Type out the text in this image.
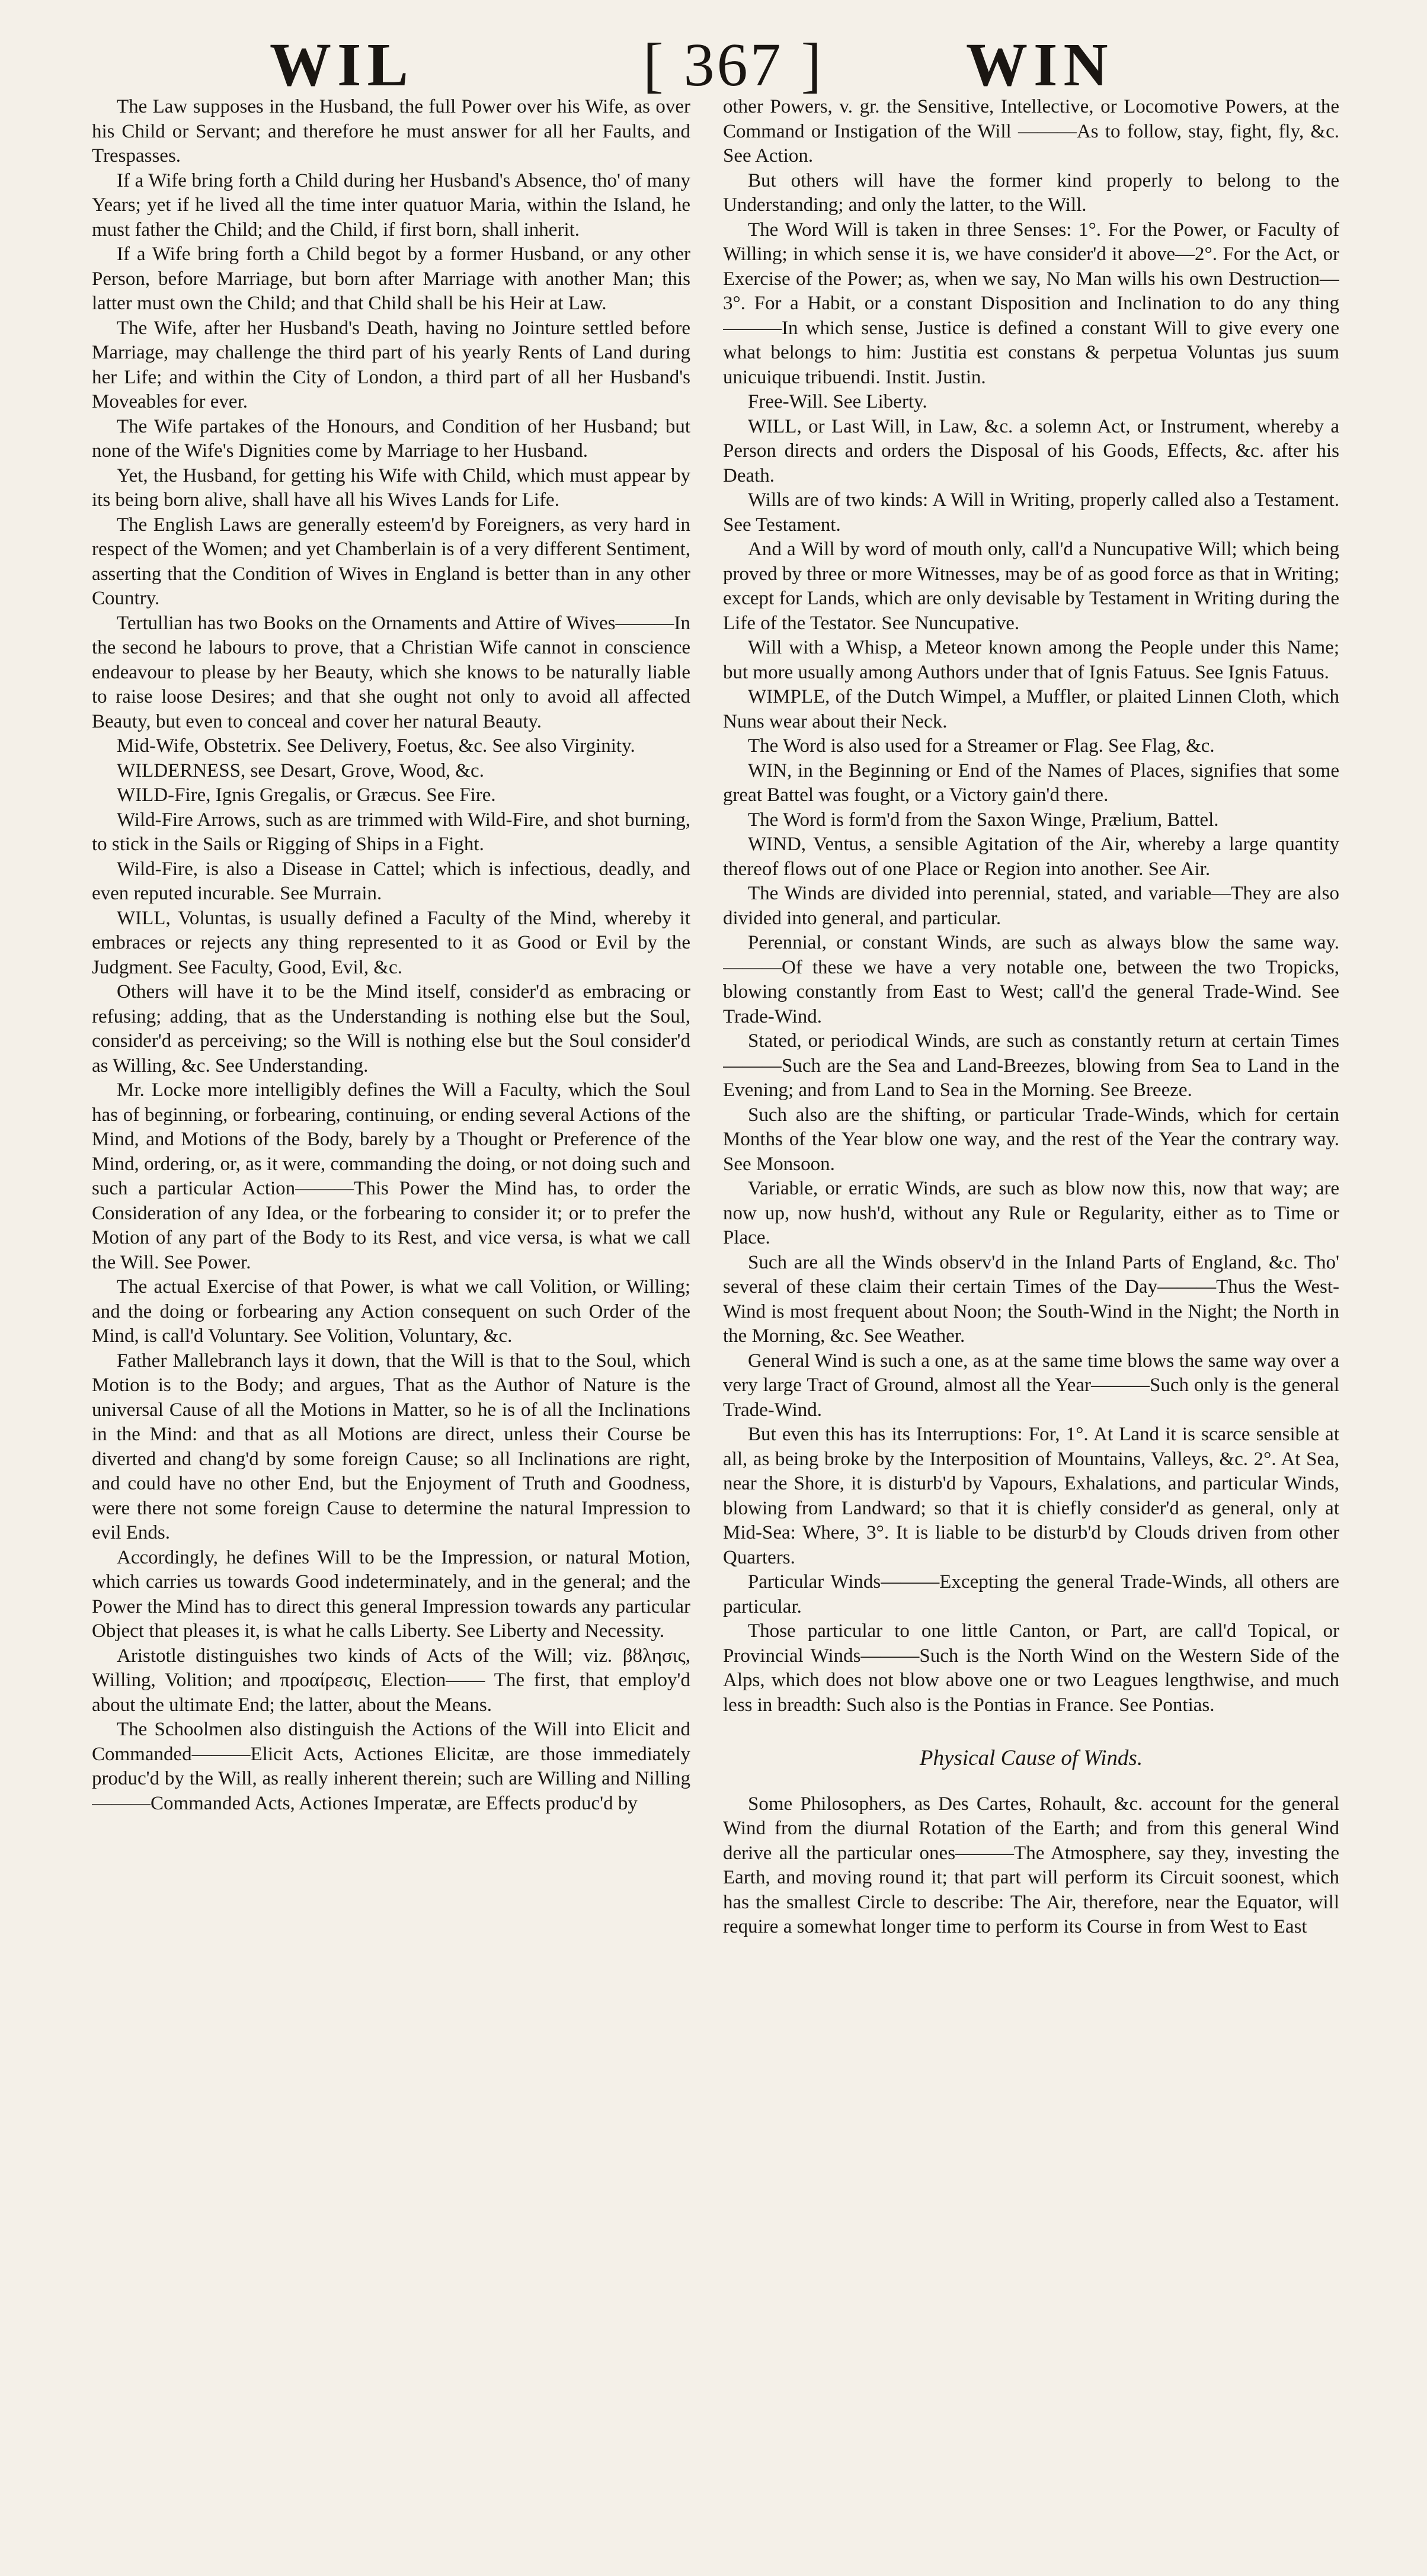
WIL	[ 367 ] WIN

The Law supposes in the Husband, the full Power over his Wife, as over his Child or Servant; and therefore he must answer for all her Faults, and Trespasses.

If a Wife bring forth a Child during her Husband's Absence, tho' of many Years; yet if he lived all the time inter quatuor Maria, within the Island, he must father the Child; and the Child, if first born, shall inherit.

If a Wife bring forth a Child begot by a former Husband, or any other Person, before Marriage, but born after Marriage with another Man; this latter must own the Child; and that Child shall be his Heir at Law.

The Wife, after her Husband's Death, having no Jointure settled before Marriage, may challenge the third part of his yearly Rents of Land during her Life; and within the City of London, a third part of all her Husband's Moveables for ever.

The Wife partakes of the Honours, and Condition of her Husband; but none of the Wife's Dignities come by Marriage to her Husband.

Yet, the Husband, for getting his Wife with Child, which must appear by its being born alive, shall have all his Wives Lands for Life.

The English Laws are generally esteem'd by Foreigners, as very hard in respect of the Women; and yet Chamberlain is of a very different Sentiment, asserting that the Condition of Wives in England is better than in any other Country.

Tertullian has two Books on the Ornaments and Attire of Wives———In the second he labours to prove, that a Christian Wife cannot in conscience endeavour to please by her Beauty, which she knows to be naturally liable to raise loose Desires; and that she ought not only to avoid all affected Beauty, but even to conceal and cover her natural Beauty.

Mid-Wife, Obstetrix. See Delivery, Foetus, &c. See also Virginity.

WILDERNESS, see Desart, Grove, Wood, &c.

WILD-Fire, Ignis Gregalis, or Græcus. See Fire.

Wild-Fire Arrows, such as are trimmed with Wild-Fire, and shot burning, to stick in the Sails or Rigging of Ships in a Fight.

Wild-Fire, is also a Disease in Cattel; which is infectious, deadly, and even reputed incurable. See Murrain.

WILL, Voluntas, is usually defined a Faculty of the Mind, whereby it embraces or rejects any thing represented to it as Good or Evil by the Judgment. See Faculty, Good, Evil, &c.

Others will have it to be the Mind itself, consider'd as embracing or refusing; adding, that as the Understanding is nothing else but the Soul, consider'd as perceiving; so the Will is nothing else but the Soul consider'd as Willing, &c. See Understanding.

Mr. Locke more intelligibly defines the Will a Faculty, which the Soul has of beginning, or forbearing, continuing, or ending several Actions of the Mind, and Motions of the Body, barely by a Thought or Preference of the Mind, ordering, or, as it were, commanding the doing, or not doing such and such a particular Action———This Power the Mind has, to order the Consideration of any Idea, or the forbearing to consider it; or to prefer the Motion of any part of the Body to its Rest, and vice versa, is what we call the Will. See Power.

The actual Exercise of that Power, is what we call Volition, or Willing; and the doing or forbearing any Action consequent on such Order of the Mind, is call'd Voluntary. See Volition, Voluntary, &c.

Father Mallebranch lays it down, that the Will is that to the Soul, which Motion is to the Body; and argues, That as the Author of Nature is the universal Cause of all the Motions in Matter, so he is of all the Inclinations in the Mind: and that as all Motions are direct, unless their Course be diverted and chang'd by some foreign Cause; so all Inclinations are right, and could have no other End, but the Enjoyment of Truth and Goodness, were there not some foreign Cause to determine the natural Impression to evil Ends.

Accordingly, he defines Will to be the Impression, or natural Motion, which carries us towards Good indeterminately, and in the general; and the Power the Mind has to direct this general Impression towards any particular Object that pleases it, is what he calls Liberty. See Liberty and Necessity.

Aristotle distinguishes two kinds of Acts of the Will; viz. βȣλησις, Willing, Volition; and προαίρεσις, Election—— The first, that employ'd about the ultimate End; the latter, about the Means.

The Schoolmen also distinguish the Actions of the Will into Elicit and Commanded———Elicit Acts, Actiones Elicitæ, are those immediately produc'd by the Will, as really inherent therein; such are Willing and Nilling———Commanded Acts, Actiones Imperatæ, are Effects produc'd by

other Powers, v. gr. the Sensitive, Intellective, or Locomotive Powers, at the Command or Instigation of the Will ———As to follow, stay, fight, fly, &c. See Action.

But others will have the former kind properly to belong to the Understanding; and only the latter, to the Will.

The Word Will is taken in three Senses: 1°. For the Power, or Faculty of Willing; in which sense it is, we have consider'd it above—2°. For the Act, or Exercise of the Power; as, when we say, No Man wills his own Destruction— 3°. For a Habit, or a constant Disposition and Inclination to do any thing———In which sense, Justice is defined a constant Will to give every one what belongs to him: Justitia est constans & perpetua Voluntas jus suum unicuique tribuendi. Instit. Justin.

Free-Will. See Liberty.

WILL, or Last Will, in Law, &c. a solemn Act, or Instrument, whereby a Person directs and orders the Disposal of his Goods, Effects, &c. after his Death.

Wills are of two kinds: A Will in Writing, properly called also a Testament. See Testament.

And a Will by word of mouth only, call'd a Nuncupative Will; which being proved by three or more Witnesses, may be of as good force as that in Writing; except for Lands, which are only devisable by Testament in Writing during the Life of the Testator. See Nuncupative.

Will with a Whisp, a Meteor known among the People under this Name; but more usually among Authors under that of Ignis Fatuus. See Ignis Fatuus.

WIMPLE, of the Dutch Wimpel, a Muffler, or plaited Linnen Cloth, which Nuns wear about their Neck.

The Word is also used for a Streamer or Flag. See Flag, &c.

WIN, in the Beginning or End of the Names of Places, signifies that some great Battel was fought, or a Victory gain'd there.

The Word is form'd from the Saxon Winge, Prælium, Battel.

WIND, Ventus, a sensible Agitation of the Air, whereby a large quantity thereof flows out of one Place or Region into another. See Air.

The Winds are divided into perennial, stated, and variable—They are also divided into general, and particular.

Perennial, or constant Winds, are such as always blow the same way.———Of these we have a very notable one, between the two Tropicks, blowing constantly from East to West; call'd the general Trade-Wind. See Trade-Wind.

Stated, or periodical Winds, are such as constantly return at certain Times———Such are the Sea and Land-Breezes, blowing from Sea to Land in the Evening; and from Land to Sea in the Morning. See Breeze.

Such also are the shifting, or particular Trade-Winds, which for certain Months of the Year blow one way, and the rest of the Year the contrary way. See Monsoon.

Variable, or erratic Winds, are such as blow now this, now that way; are now up, now hush'd, without any Rule or Regularity, either as to Time or Place.

Such are all the Winds observ'd in the Inland Parts of England, &c. Tho' several of these claim their certain Times of the Day———Thus the West-Wind is most frequent about Noon; the South-Wind in the Night; the North in the Morning, &c. See Weather.

General Wind is such a one, as at the same time blows the same way over a very large Tract of Ground, almost all the Year———Such only is the general Trade-Wind.

But even this has its Interruptions: For, 1°. At Land it is scarce sensible at all, as being broke by the Interposition of Mountains, Valleys, &c. 2°. At Sea, near the Shore, it is disturb'd by Vapours, Exhalations, and particular Winds, blowing from Landward; so that it is chiefly consider'd as general, only at Mid-Sea: Where, 3°. It is liable to be disturb'd by Clouds driven from other Quarters.

Particular Winds———Excepting the general Trade-Winds, all others are particular.

Those particular to one little Canton, or Part, are call'd Topical, or Provincial Winds———Such is the North Wind on the Western Side of the Alps, which does not blow above one or two Leagues lengthwise, and much less in breadth: Such also is the Pontias in France. See Pontias.

Physical Cause of Winds.

Some Philosophers, as Des Cartes, Rohault, &c. account for the general Wind from the diurnal Rotation of the Earth; and from this general Wind derive all the particular ones———The Atmosphere, say they, investing the Earth, and moving round it; that part will perform its Circuit soonest, which has the smallest Circle to describe: The Air, therefore, near the Equator, will require a somewhat longer time to perform its Course in from West to East
